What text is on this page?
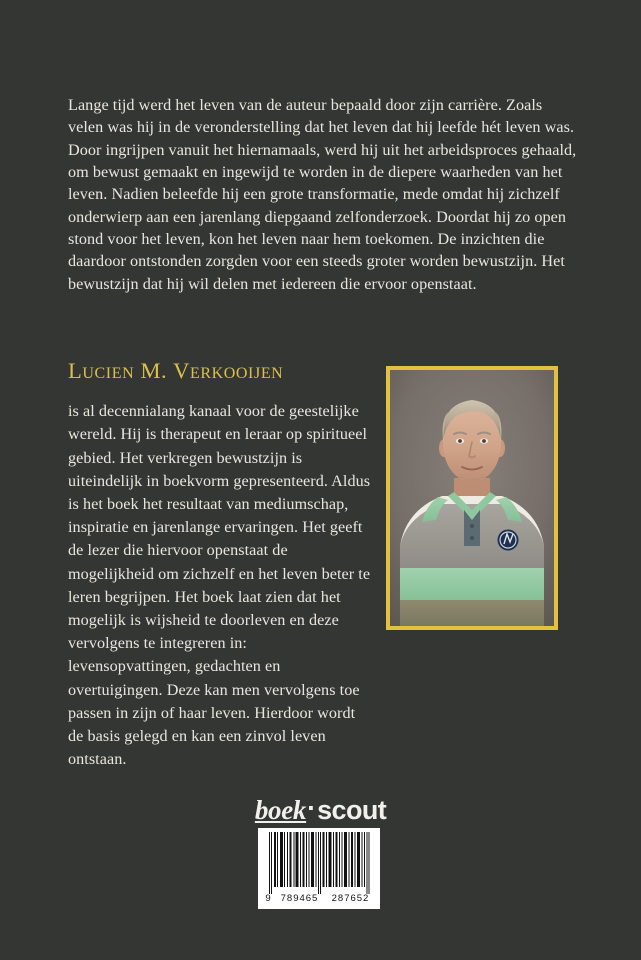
Lange tijd werd het leven van de auteur bepaald door zijn carrière. Zoals velen was hij in de veronderstelling dat het leven dat hij leefde hét leven was. Door ingrijpen vanuit het hiernamaals, werd hij uit het arbeidsproces gehaald, om bewust gemaakt en ingewijd te worden in de diepere waarheden van het leven. Nadien beleefde hij een grote transformatie, mede omdat hij zichzelf onderwierp aan een jarenlang diepgaand zelfonderzoek. Doordat hij zo open stond voor het leven, kon het leven naar hem toekomen. De inzichten die daardoor ontstonden zorgden voor een steeds groter worden bewustzijn. Het bewustzijn dat hij wil delen met iedereen die ervoor openstaat.

Lucien M. Verkooijen

is al decennialang kanaal voor de geestelijke wereld. Hij is therapeut en leraar op spiritueel gebied. Het verkregen bewustzijn is uiteindelijk in boekvorm gepresenteerd. Aldus is het boek het resultaat van mediumschap, inspiratie en jarenlange ervaringen. Het geeft de lezer die hiervoor openstaat de mogelijkheid om zichzelf en het leven beter te leren begrijpen. Het boek laat zien dat het mogelijk is wijsheid te doorleven en deze vervolgens te integreren in: levensopvattingen, gedachten en overtuigingen. Deze kan men vervolgens toe passen in zijn of haar leven. Hierdoor wordt de basis gelegd en kan een zinvol leven ontstaan.

boek·scout
9	789465	287652
